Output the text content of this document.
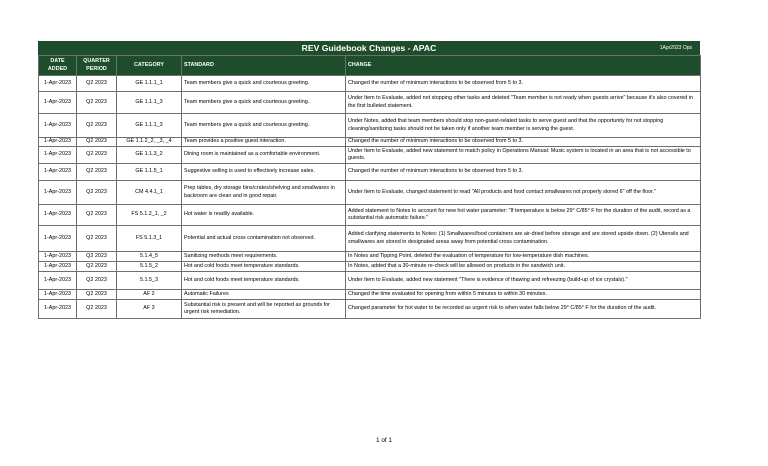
REV Guidebook Changes - APAC	1Apr2023 Ops
DATE ADDED	QUARTER PERIOD	CATEGORY	STANDARD	CHANGE
1-Apr-2023	Q2 2023	GE 1.1.1_1	Team members give a quick and courteous greeting.	Changed the number of minimum interactions to be observed from 5 to 3.
1-Apr-2023	Q2 2023	GE 1.1.1_3	Team members give a quick and courteous greeting.	Under Item to Evaluate, added not stopping other tasks and deleted "Team member is not ready when guests arrive" because it's also covered in the first bulleted statement.
1-Apr-2023	Q2 2023	GE 1.1.1_3	Team members give a quick and courteous greeting.	Under Notes, added that team members should stop non-guest-related tasks to serve guest and that the opportunity for not stopping cleaning/sanitizing tasks should not be taken only if another team member is serving the guest.
1-Apr-2023	Q2 2023	GE 1.1.2_2, _3, _4	Team provides a positive guest interaction.	Changed the number of minimum interactions to be observed from 5 to 3.
1-Apr-2023	Q2 2023	GE 1.1.3_2	Dining room is maintained as a comfortable environment.	Under Item to Evaluate, added new statement to match policy in Operations Manual: Music system is located in an area that is not accessible to guests.
1-Apr-2023	Q2 2023	GE 1.1.5_1	Suggestive selling is used to effectively increase sales.	Changed the number of minimum interactions to be observed from 5 to 3.
1-Apr-2023	Q2 2023	CM 4.4.1_1	Prep tables, dry storage bins/crates/shelving and smallwares in backroom are clean and in good repair.	Under Item to Evaluate, changed statement to read "All products and food contact smallwares not properly stored 6" off the floor."
1-Apr-2023	Q2 2023	FS 5.1.2_1, _2	Hot water is readily available.	Added statement to Notes to account for new hot water parameter: "If temperature is below 29° C/85° F for the duration of the audit, record as a substantial risk automatic failure."
1-Apr-2023	Q2 2023	FS 5.1.3_1	Potential and actual cross contamination not observed.	Added clarifying statements to Notes: (1) Smallwares/food containers are air-dried before storage and are stored upside down. (2) Utensils and smallwares are stored in designated areas away from potential cross contamination.
1-Apr-2023	Q2 2023	5.1.4_5	Sanitizing methods meet requirements.	In Notes and Tipping Point, deleted the evaluation of temperature for low-temperature dish machines.
1-Apr-2023	Q2 2023	5.1.5_2	Hot and cold foods meet temperature standards.	In Notes, added that a 30-minute re-check will be allowed on products in the sandwich unit.
1-Apr-2023	Q2 2023	5.1.5_3	Hot and cold foods meet temperature standards.	Under Item to Evaluate, added new statement "There is evidence of thawing and refreezing (build-up of ice crystals)."
1-Apr-2023	Q2 2023	AF 2	Automatic Failures	Changed the time evaluated for opening from within 5 minutes to within 30 minutes.
1-Apr-2023	Q2 2023	AF 3	Substantial risk is present and will be reported as grounds for urgent risk remediation.	Changed parameter for hot water to be recorded as urgent risk to when water falls below 29° C/85° F for the duration of the audit.
1 of 1
